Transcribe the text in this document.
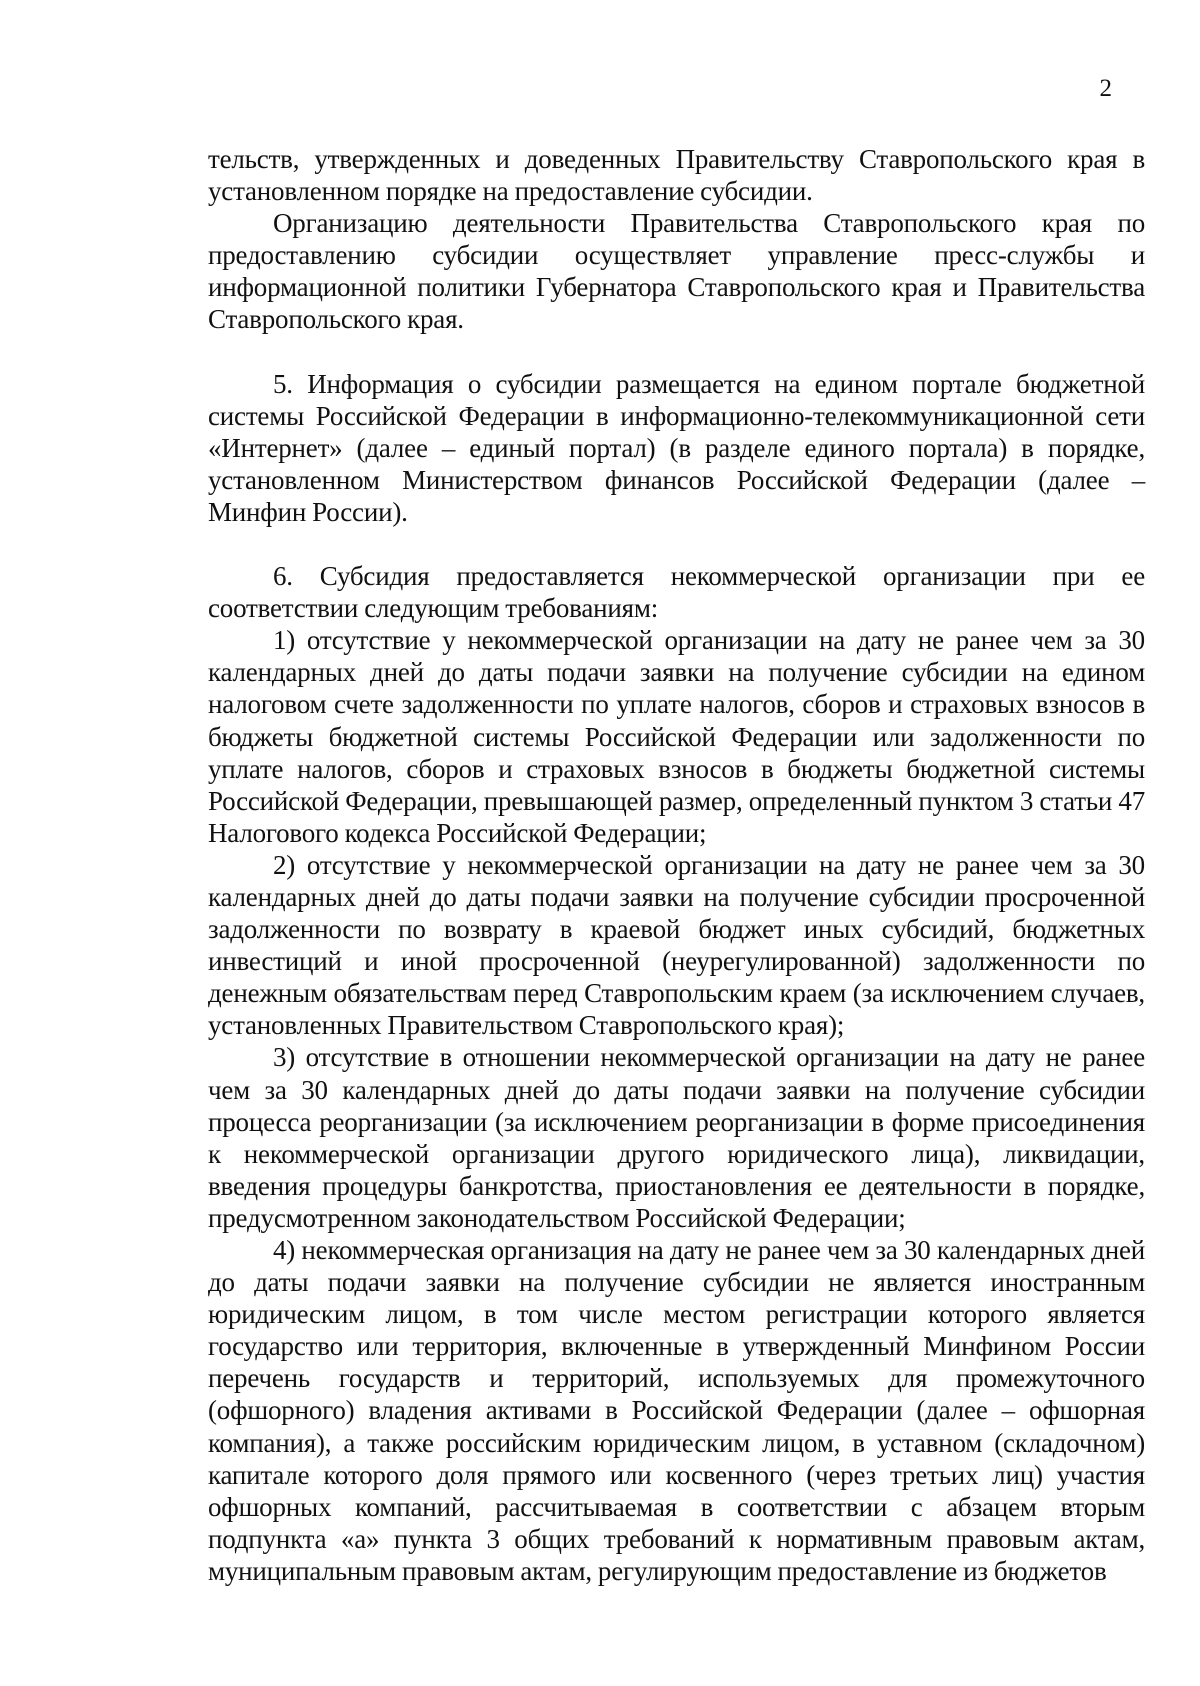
2

тельств, утвержденных и доведенных Правительству Ставропольского края в установленном порядке на предоставление субсидии.

Организацию деятельности Правительства Ставропольского края по предоставлению субсидии осуществляет управление пресс-службы и информационной политики Губернатора Ставропольского края и Правительства Ставропольского края.

5. Информация о субсидии размещается на едином портале бюджетной системы Российской Федерации в информационно-телекоммуникационной сети «Интернет» (далее – единый портал) (в разделе единого портала) в порядке, установленном Министерством финансов Российской Федерации (далее – Минфин России).

6. Субсидия предоставляется некоммерческой организации при ее соответствии следующим требованиям:

1) отсутствие у некоммерческой организации на дату не ранее чем за 30 календарных дней до даты подачи заявки на получение субсидии на едином налоговом счете задолженности по уплате налогов, сборов и страховых взносов в бюджеты бюджетной системы Российской Федерации или задолженности по уплате налогов, сборов и страховых взносов в бюджеты бюджетной системы Российской Федерации, превышающей размер, определенный пунктом 3 статьи 47 Налогового кодекса Российской Федерации;

2) отсутствие у некоммерческой организации на дату не ранее чем за 30 календарных дней до даты подачи заявки на получение субсидии просроченной задолженности по возврату в краевой бюджет иных субсидий, бюджетных инвестиций и иной просроченной (неурегулированной) задолженности по денежным обязательствам перед Ставропольским краем (за исключением случаев, установленных Правительством Ставропольского края);

3) отсутствие в отношении некоммерческой организации на дату не ранее чем за 30 календарных дней до даты подачи заявки на получение субсидии процесса реорганизации (за исключением реорганизации в форме присоединения к некоммерческой организации другого юридического лица), ликвидации, введения процедуры банкротства, приостановления ее деятельности в порядке, предусмотренном законодательством Российской Федерации;

4) некоммерческая организация на дату не ранее чем за 30 календарных дней до даты подачи заявки на получение субсидии не является иностранным юридическим лицом, в том числе местом регистрации которого является государство или территория, включенные в утвержденный Минфином России перечень государств и территорий, используемых для промежуточного (офшорного) владения активами в Российской Федерации (далее – офшорная компания), а также российским юридическим лицом, в уставном (складочном) капитале которого доля прямого или косвенного (через третьих лиц) участия офшорных компаний, рассчитываемая в соответствии с абзацем вторым подпункта «а» пункта 3 общих требований к нормативным правовым актам, муниципальным правовым актам, регулирующим предоставление из бюджетов
